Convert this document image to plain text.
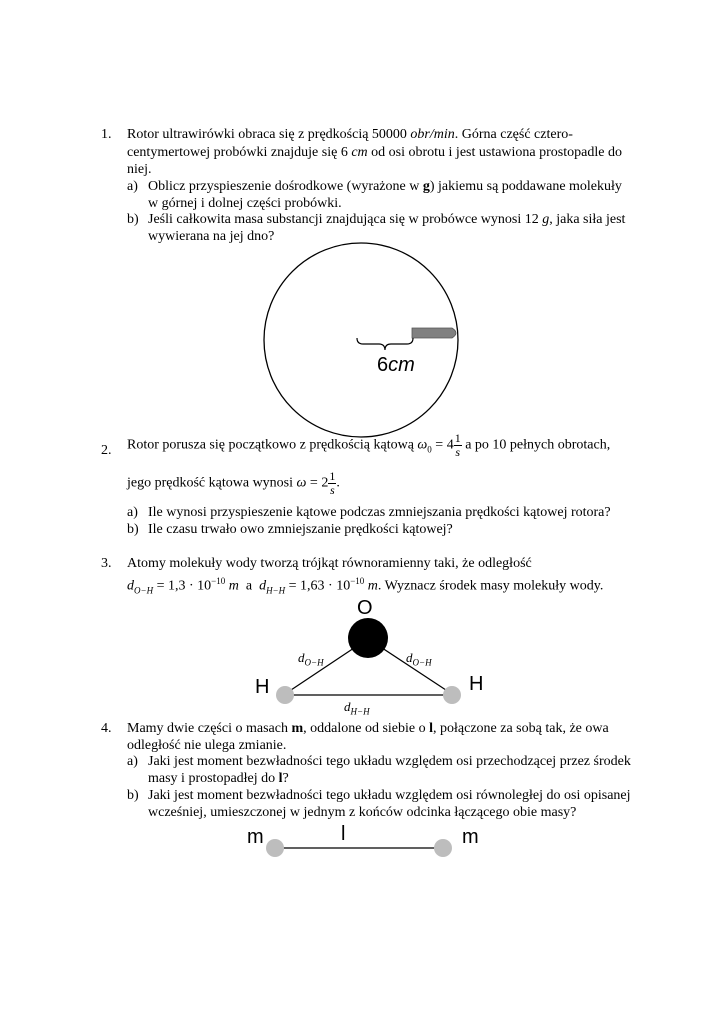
1. Rotor ultrawirówki obraca się z prędkością 50000 obr/min. Górna część cztero-
centymertowej probówki znajduje się 6 cm od osi obrotu i jest ustawiona prostopadle do
niej.
a) Oblicz przyspieszenie dośrodkowe (wyrażone w g) jakiemu są poddawane molekuły
w górnej i dolnej części probówki.
b) Jeśli całkowita masa substancji znajdująca się w probówce wynosi 12 g, jaka siła jest
wywierana na jej dno?
6cm
2. Rotor porusza się początkowo z prędkością kątową $\omega_0 = 4 \frac{1}{s}$ a po 10 pełnych obrotach,
jego prędkość kątowa wynosi $\omega = 2 \frac{1}{s}$ .
a) Ile wynosi przyspieszenie kątowe podczas zmniejszania prędkości kątowej rotora?
b) Ile czasu trwało owo zmniejszanie prędkości kątowej?
3. Atomy molekuły wody tworzą trójkąt równoramienny taki, że odległość
$d_{O-H} = 1,3 \cdot 10^{-10}$ m  a  $d_{H-H} = 1,63 \cdot 10^{-10}$ m. Wyznacz środek masy molekuły wody.
O
H	H
$d_{O-H}$	$d_{O-H}$
$d_{H-H}$
4. Mamy dwie części o masach m, oddalone od siebie o l, połączone za sobą tak, że owa
odległość nie ulega zmianie.
a) Jaki jest moment bezwładności tego układu względem osi przechodzącej przez środek
masy i prostopadłej do l?
b) Jaki jest moment bezwładności tego układu względem osi równoległej do osi opisanej
wcześniej, umieszczonej w jednym z końców odcinka łączącego obie masy?
m	l	m
